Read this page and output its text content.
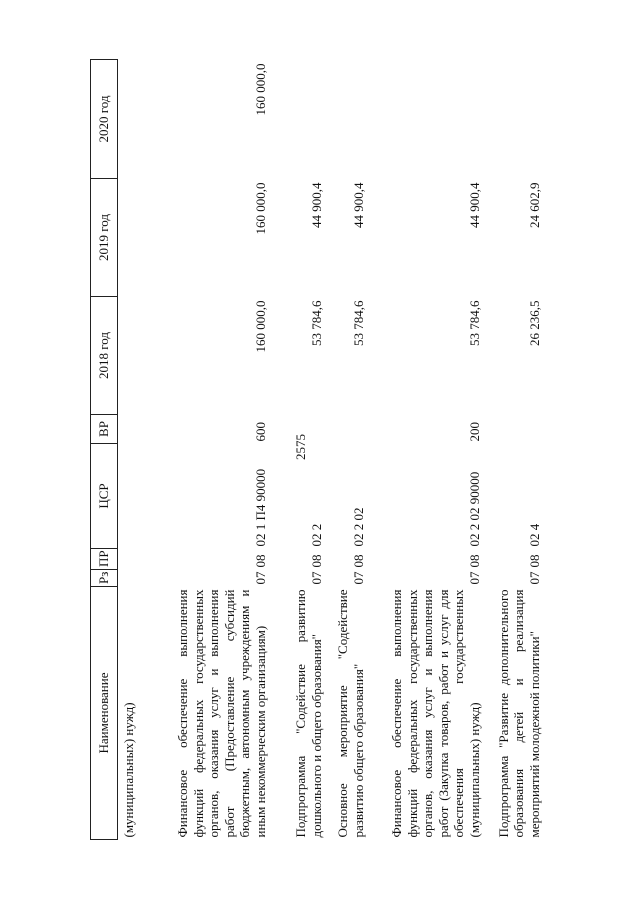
2575
Наименование	Рз	ПР	ЦСР	ВР	2018 год	2019 год	2020 год
(муниципальных) нужд)							
Финансовое обеспечение выполнения функций федеральных государственных органов, оказания услуг и выполнения работ (Предоставление субсидий бюджетным, автономным учреждениям и иным некоммерческим организациям)	07	08	02 1 П4 90000	600	160 000,0	160 000,0	160 000,0
Подпрограмма "Содействие развитию дошкольного и общего образования"	07	08	02 2		53 784,6	44 900,4	
Основное мероприятие "Содействие развитию общего образования"	07	08	02 2 02		53 784,6	44 900,4	
Финансовое обеспечение выполнения функций федеральных государственных органов, оказания услуг и выполнения работ (Закупка товаров, работ и услуг для обеспечения государственных (муниципальных) нужд)	07	08	02 2 02 90000	200	53 784,6	44 900,4	
Подпрограмма "Развитие дополнительного образования детей и реализация мероприятий молодежной политики"	07	08	02 4		26 236,5	24 602,9	
